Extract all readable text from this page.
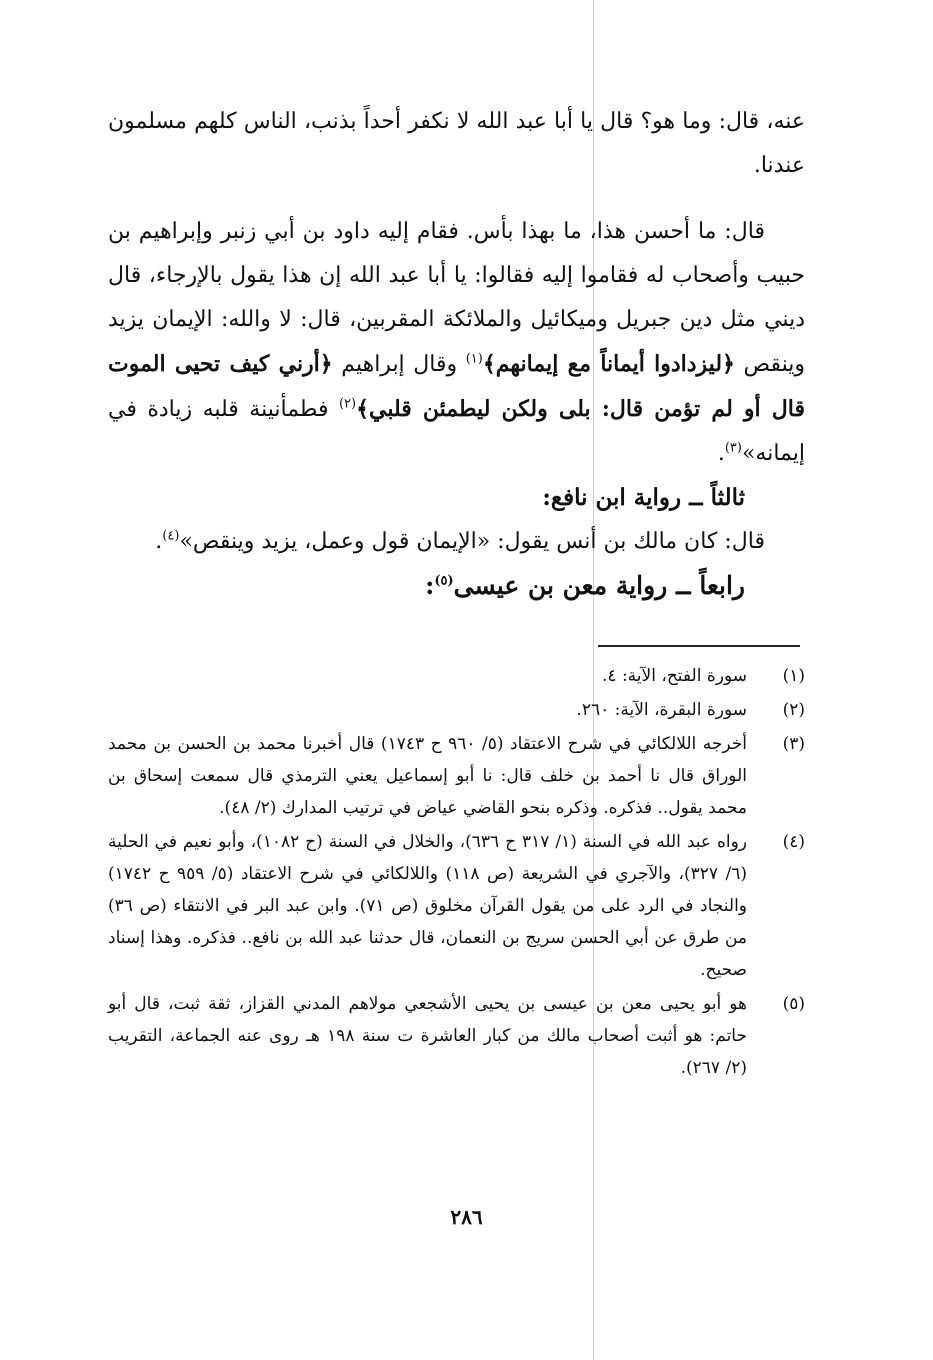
عنه، قال: وما هو؟ قال يا أبا عبد الله لا نكفر أحداً بذنب، الناس كلهم مسلمون عندنا.

قال: ما أحسن هذا، ما بهذا بأس. فقام إليه داود بن أبي زنبر وإبراهيم بن حبيب وأصحاب له فقاموا إليه فقالوا: يا أبا عبد الله إن هذا يقول بالإرجاء، قال ديني مثل دين جبريل وميكائيل والملائكة المقربين، قال: لا والله: الإيمان يزيد وينقص ﴿ليزدادوا أيماناً مع إيمانهم﴾$^{(١)}$ وقال إبراهيم ﴿أرني كيف تحيى الموت قال أو لم تؤمن قال: بلى ولكن ليطمئن قلبي﴾$^{(٢)}$ فطمأنينة قلبه زيادة في إيمانه»$^{(٣)}$.

ثالثاً ــ رواية ابن نافع:

قال: كان مالك بن أنس يقول: «الإيمان قول وعمل، يزيد وينقص»$^{(٤)}$.

رابعاً ــ رواية معن بن عيسى$^{(٥)}$:

(١)
سورة الفتح، الآية: ٤.
(٢)
سورة البقرة، الآية: ٢٦٠.
(٣)
أخرجه اللالكائي في شرح الاعتقاد (٥/ ٩٦٠ ح ١٧٤٣) قال أخبرنا محمد بن الحسن بن محمد الوراق قال نا أحمد بن خلف قال: نا أبو إسماعيل يعني الترمذي قال سمعت إسحاق بن محمد يقول.. فذكره. وذكره بنحو القاضي عياض في ترتيب المدارك (٢/ ٤٨).
(٤)
رواه عبد الله في السنة (١/ ٣١٧ ح ٦٣٦)، والخلال في السنة (ح ١٠٨٢)، وأبو نعيم في الحلية (٦/ ٣٢٧)، والآجري في الشريعة (ص ١١٨) واللالكائي في شرح الاعتقاد (٥/ ٩٥٩ ح ١٧٤٢) والنجاد في الرد على من يقول القرآن مخلوق (ص ٧١). وابن عبد البر في الانتقاء (ص ٣٦) من طرق عن أبي الحسن سريج بن النعمان، قال حدثنا عبد الله بن نافع.. فذكره. وهذا إسناد صحيح.
(٥)
هو أبو يحيى معن بن عيسى بن يحيى الأشجعي مولاهم المدني القزاز، ثقة ثبت، قال أبو حاتم: هو أثبت أصحاب مالك من كبار العاشرة ت سنة ١٩٨ هـ روى عنه الجماعة، التقريب (٢/ ٢٦٧).
٢٨٦
